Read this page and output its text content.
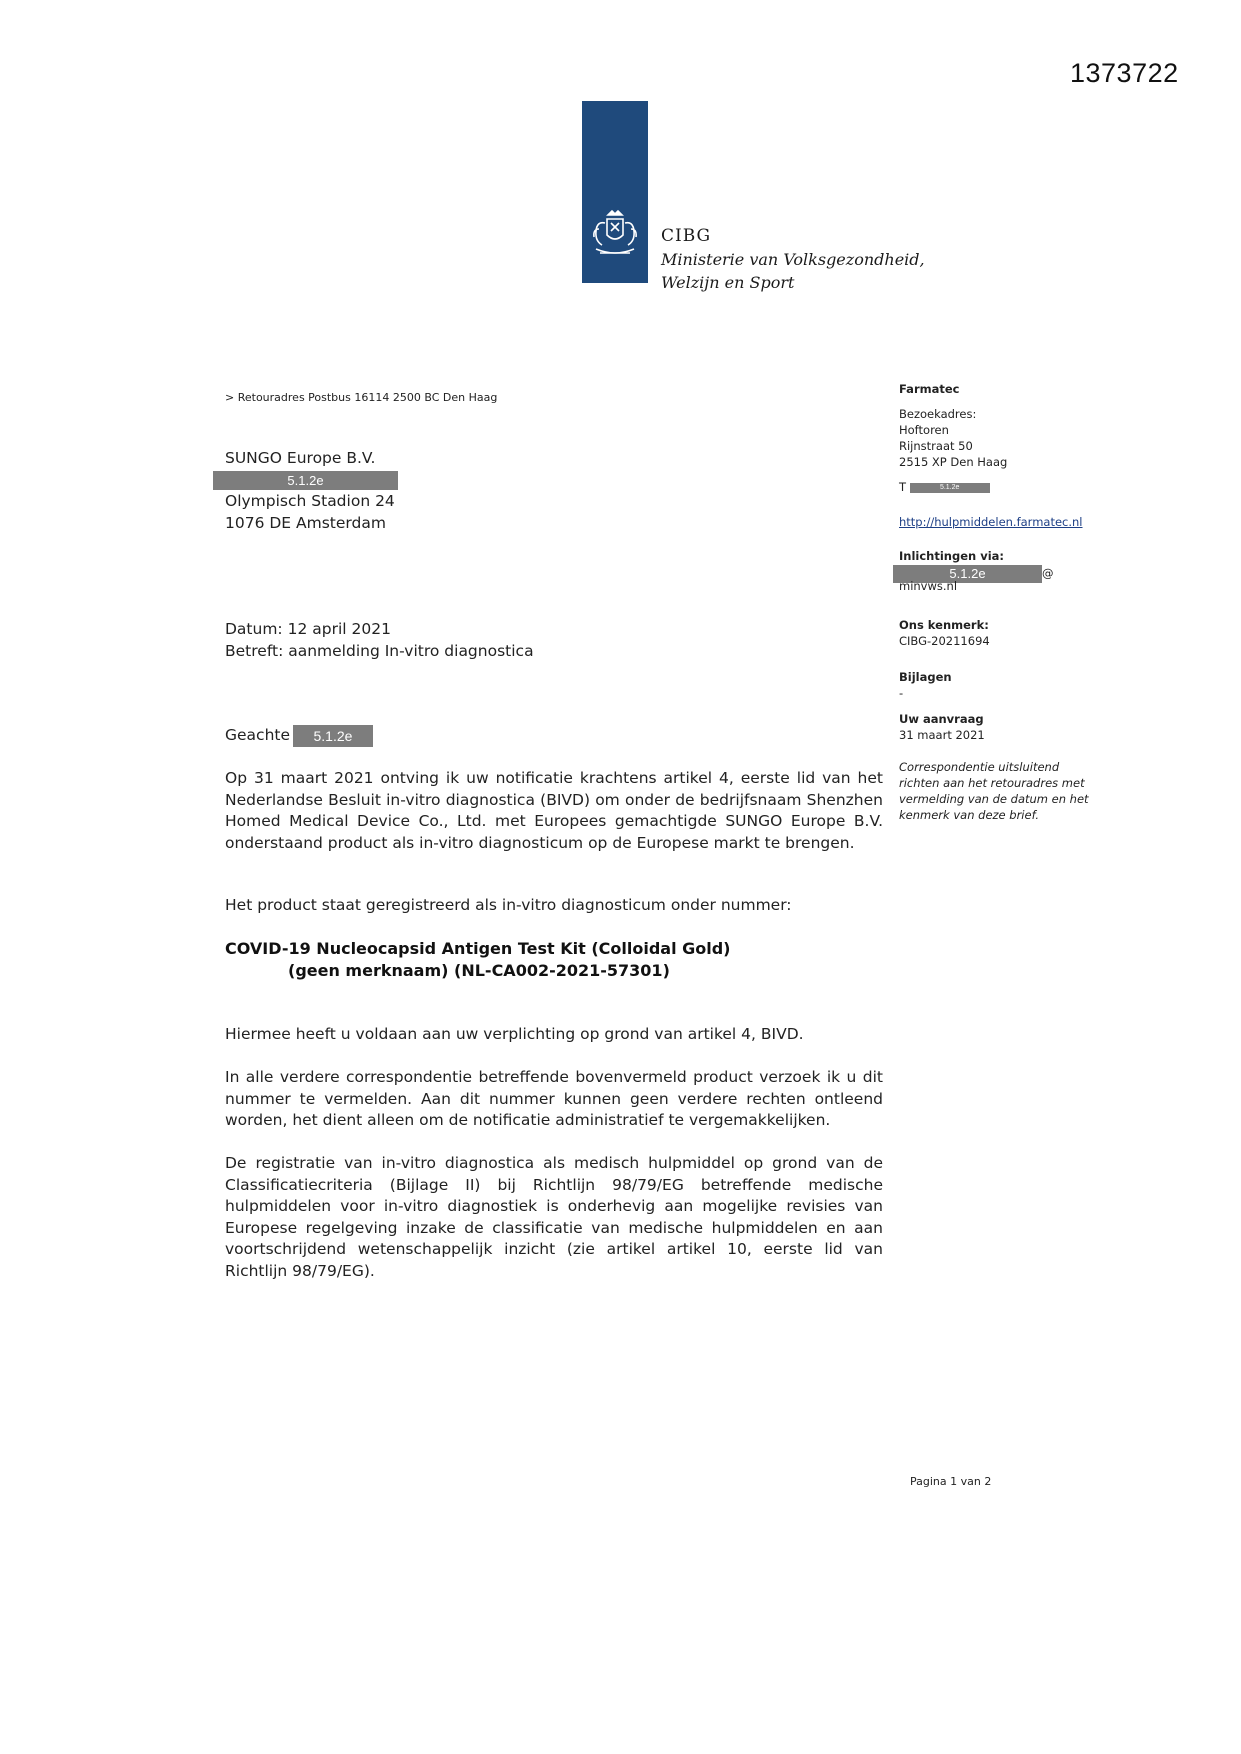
1373722
CIBG
Ministerie van Volksgezondheid,
Welzijn en Sport
> Retouradres Postbus 16114 2500 BC Den Haag
SUNGO Europe B.V.
5.1.2e
Olympisch Stadion 24
1076 DE Amsterdam
Farmatec
Bezoekadres:
Hoftoren
Rijnstraat 50
2515 XP Den Haag
T	5.1.2e
http://hulpmiddelen.farmatec.nl
Inlichtingen via:
5.1.2e	@
minvws.nl
Ons kenmerk:
CIBG-20211694
Bijlagen
-
Uw aanvraag
31 maart 2021
Correspondentie uitsluitend richten aan het retouradres met vermelding van de datum en het kenmerk van deze brief.
Datum: 12 april 2021
Betreft: aanmelding In-vitro diagnostica
Geachte 5.1.2e
Op 31 maart 2021 ontving ik uw notificatie krachtens artikel 4, eerste lid van het Nederlandse Besluit in-vitro diagnostica (BIVD) om onder de bedrijfsnaam Shenzhen Homed Medical Device Co., Ltd. met Europees gemachtigde SUNGO Europe B.V. onderstaand product als in-vitro diagnosticum op de Europese markt te brengen.
Het product staat geregistreerd als in-vitro diagnosticum onder nummer:
COVID-19 Nucleocapsid Antigen Test Kit (Colloidal Gold)
(geen merknaam) (NL-CA002-2021-57301)
Hiermee heeft u voldaan aan uw verplichting op grond van artikel 4, BIVD.
In alle verdere correspondentie betreffende bovenvermeld product verzoek ik u dit nummer te vermelden. Aan dit nummer kunnen geen verdere rechten ontleend worden, het dient alleen om de notificatie administratief te vergemakkelijken.
De registratie van in-vitro diagnostica als medisch hulpmiddel op grond van de Classificatiecriteria (Bijlage II) bij Richtlijn 98/79/EG betreffende medische hulpmiddelen voor in-vitro diagnostiek is onderhevig aan mogelijke revisies van Europese regelgeving inzake de classificatie van medische hulpmiddelen en aan voortschrijdend wetenschappelijk inzicht (zie artikel artikel 10, eerste lid van Richtlijn 98/79/EG).
Pagina 1 van 2
